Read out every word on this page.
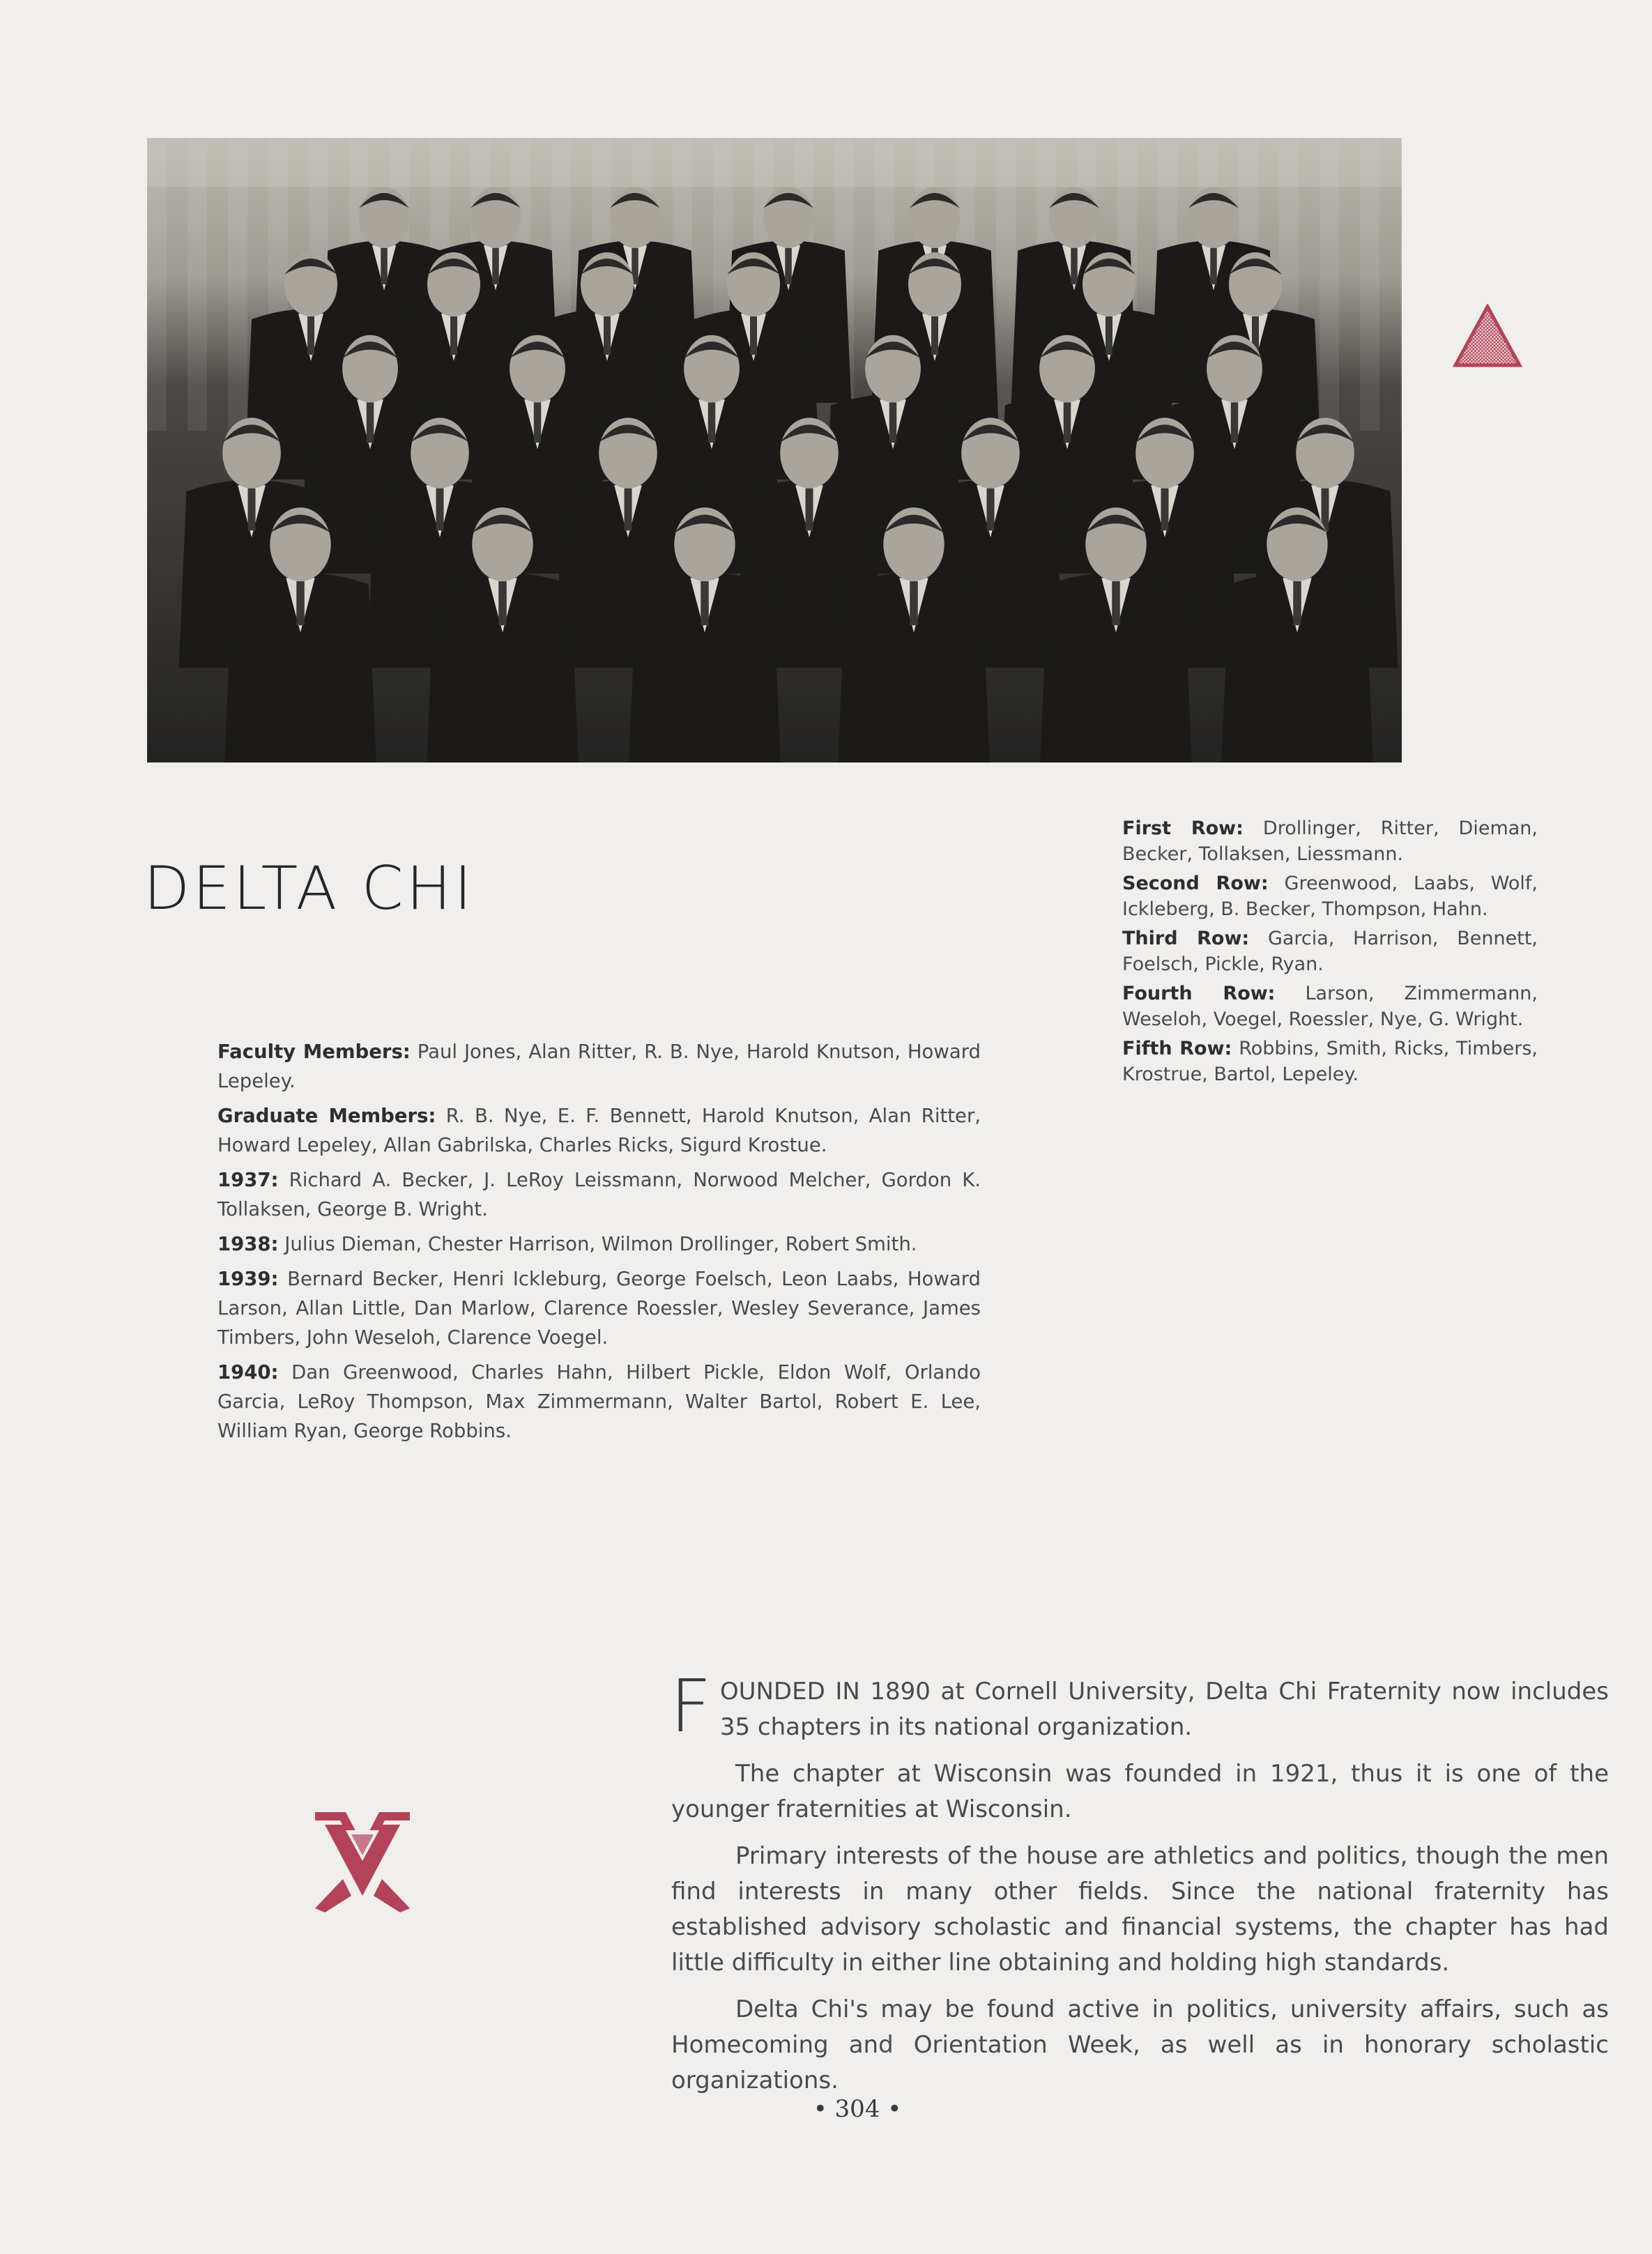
DELTA CHI

Faculty Members: Paul Jones, Alan Ritter, R. B. Nye, Harold Knutson, Howard Lepeley.

Graduate Members: R. B. Nye, E. F. Bennett, Harold Knutson, Alan Ritter, Howard Lepeley, Allan Gabrilska, Charles Ricks, Sigurd Krostue.

1937: Richard A. Becker, J. LeRoy Leissmann, Norwood Melcher, Gordon K. Tollaksen, George B. Wright.

1938: Julius Dieman, Chester Harrison, Wilmon Drollinger, Robert Smith.

1939: Bernard Becker, Henri Ickleburg, George Foelsch, Leon Laabs, Howard Larson, Allan Little, Dan Marlow, Clarence Roessler, Wesley Severance, James Timbers, John Weseloh, Clarence Voegel.

1940: Dan Greenwood, Charles Hahn, Hilbert Pickle, Eldon Wolf, Orlando Garcia, LeRoy Thompson, Max Zimmermann, Walter Bartol, Robert E. Lee, William Ryan, George Robbins.

First Row: Drollinger, Ritter, Dieman, Becker, Tollaksen, Liessmann.

Second Row: Greenwood, Laabs, Wolf, Ickleberg, B. Becker, Thompson, Hahn.

Third Row: Garcia, Harrison, Bennett, Foelsch, Pickle, Ryan.

Fourth Row: Larson, Zimmermann, Weseloh, Voegel, Roessler, Nye, G. Wright.

Fifth Row: Robbins, Smith, Ricks, Timbers, Krostrue, Bartol, Lepeley.

FOUNDED IN 1890 at Cornell University, Delta Chi Fraternity now includes 35 chapters in its national organization.

The chapter at Wisconsin was founded in 1921, thus it is one of the younger fraternities at Wisconsin.

Primary interests of the house are athletics and politics, though the men find interests in many other fields. Since the national fraternity has established advisory scholastic and financial systems, the chapter has had little difficulty in either line obtaining and holding high standards.

Delta Chi's may be found active in politics, university affairs, such as Homecoming and Orientation Week, as well as in honorary scholastic organizations.

• 304 •
